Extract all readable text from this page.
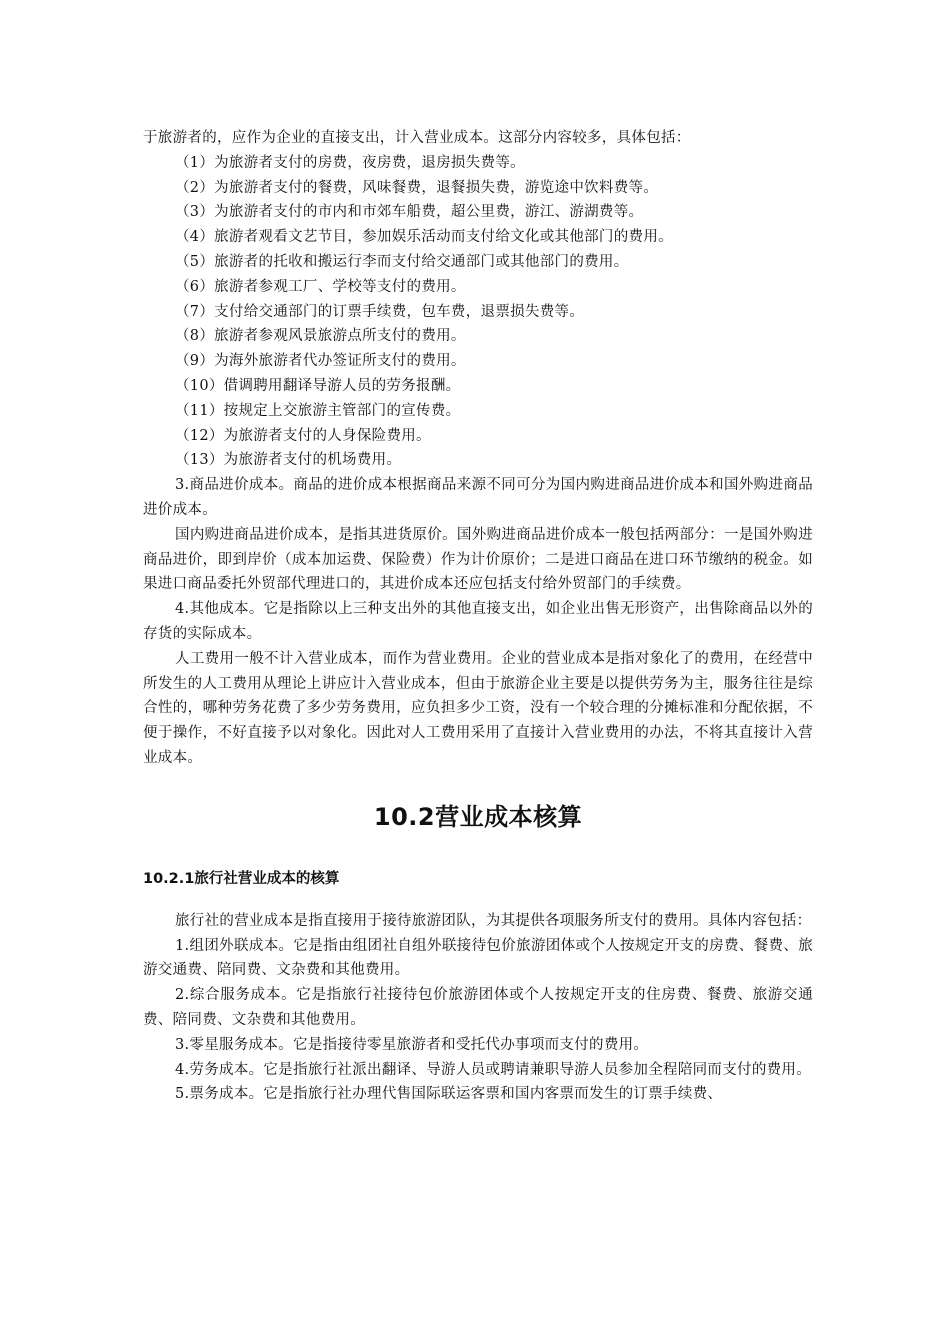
于旅游者的，应作为企业的直接支出，计入营业成本。这部分内容较多，具体包括：
（1）为旅游者支付的房费，夜房费，退房损失费等。
（2）为旅游者支付的餐费，风味餐费，退餐损失费，游览途中饮料费等。
（3）为旅游者支付的市内和市郊车船费，超公里费，游江、游湖费等。
（4）旅游者观看文艺节目，参加娱乐活动而支付给文化或其他部门的费用。
（5）旅游者的托收和搬运行李而支付给交通部门或其他部门的费用。
（6）旅游者参观工厂、学校等支付的费用。
（7）支付给交通部门的订票手续费，包车费，退票损失费等。
（8）旅游者参观风景旅游点所支付的费用。
（9）为海外旅游者代办签证所支付的费用。
（10）借调聘用翻译导游人员的劳务报酬。
（11）按规定上交旅游主管部门的宣传费。
（12）为旅游者支付的人身保险费用。
（13）为旅游者支付的机场费用。
3.商品进价成本。商品的进价成本根据商品来源不同可分为国内购进商品进价成本和国外购进商品进价成本。
国内购进商品进价成本，是指其进货原价。国外购进商品进价成本一般包括两部分：一是国外购进商品进价，即到岸价（成本加运费、保险费）作为计价原价；二是进口商品在进口环节缴纳的税金。如果进口商品委托外贸部代理进口的，其进价成本还应包括支付给外贸部门的手续费。
4.其他成本。它是指除以上三种支出外的其他直接支出，如企业出售无形资产，出售除商品以外的存货的实际成本。
人工费用一般不计入营业成本，而作为营业费用。企业的营业成本是指对象化了的费用，在经营中所发生的人工费用从理论上讲应计入营业成本，但由于旅游企业主要是以提供劳务为主，服务往往是综合性的，哪种劳务花费了多少劳务费用，应负担多少工资，没有一个较合理的分摊标准和分配依据，不便于操作，不好直接予以对象化。因此对人工费用采用了直接计入营业费用的办法，不将其直接计入营业成本。
10.2营业成本核算
10.2.1旅行社营业成本的核算
旅行社的营业成本是指直接用于接待旅游团队，为其提供各项服务所支付的费用。具体内容包括：
1.组团外联成本。它是指由组团社自组外联接待包价旅游团体或个人按规定开支的房费、餐费、旅游交通费、陪同费、文杂费和其他费用。
2.综合服务成本。它是指旅行社接待包价旅游团体或个人按规定开支的住房费、餐费、旅游交通费、陪同费、文杂费和其他费用。
3.零星服务成本。它是指接待零星旅游者和受托代办事项而支付的费用。
4.劳务成本。它是指旅行社派出翻译、导游人员或聘请兼职导游人员参加全程陪同而支付的费用。
5.票务成本。它是指旅行社办理代售国际联运客票和国内客票而发生的订票手续费、
